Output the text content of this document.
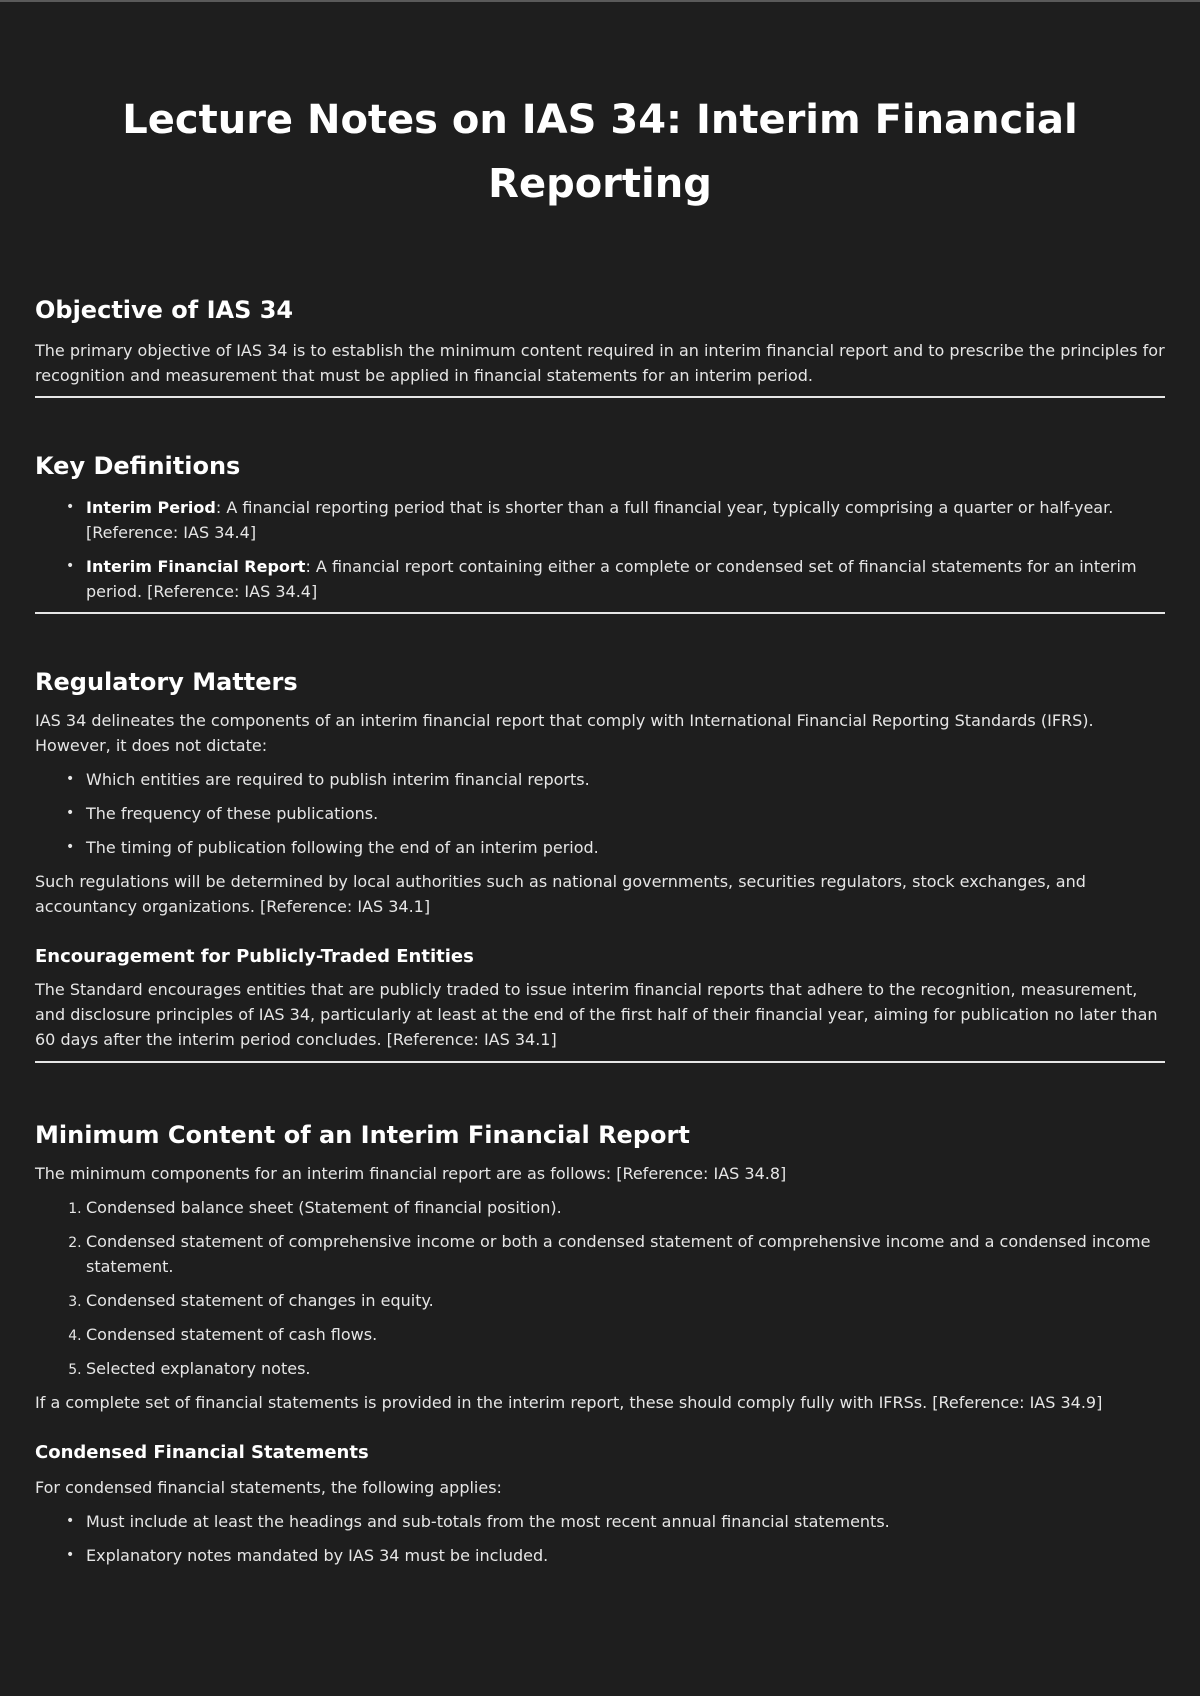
Lecture Notes on IAS 34: Interim Financial Reporting
Objective of IAS 34

The primary objective of IAS 34 is to establish the minimum content required in an interim financial report and to prescribe the principles for recognition and measurement that must be applied in financial statements for an interim period.

Key Definitions
• Interim Period: A financial reporting period that is shorter than a full financial year, typically comprising a quarter or half-year. [Reference: IAS 34.4]
• Interim Financial Report: A financial report containing either a complete or condensed set of financial statements for an interim period. [Reference: IAS 34.4]
Regulatory Matters

IAS 34 delineates the components of an interim financial report that comply with International Financial Reporting Standards (IFRS). However, it does not dictate:

• Which entities are required to publish interim financial reports.
• The frequency of these publications.
• The timing of publication following the end of an interim period.

Such regulations will be determined by local authorities such as national governments, securities regulators, stock exchanges, and accountancy organizations. [Reference: IAS 34.1]

Encouragement for Publicly-Traded Entities

The Standard encourages entities that are publicly traded to issue interim financial reports that adhere to the recognition, measurement, and disclosure principles of IAS 34, particularly at least at the end of the first half of their financial year, aiming for publication no later than 60 days after the interim period concludes. [Reference: IAS 34.1]

Minimum Content of an Interim Financial Report

The minimum components for an interim financial report are as follows: [Reference: IAS 34.8]

1. Condensed balance sheet (Statement of financial position).
2. Condensed statement of comprehensive income or both a condensed statement of comprehensive income and a condensed income statement.
3. Condensed statement of changes in equity.
4. Condensed statement of cash flows.
5. Selected explanatory notes.

If a complete set of financial statements is provided in the interim report, these should comply fully with IFRSs. [Reference: IAS 34.9]

Condensed Financial Statements

For condensed financial statements, the following applies:

• Must include at least the headings and sub-totals from the most recent annual financial statements.
• Explanatory notes mandated by IAS 34 must be included.
